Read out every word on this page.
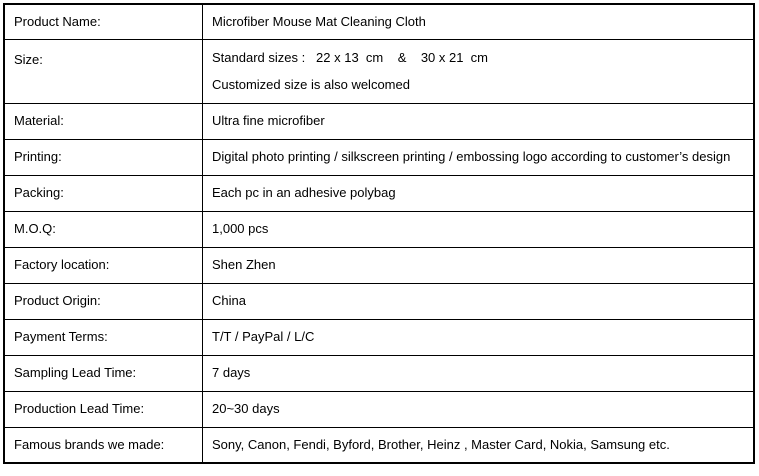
Product Name:	Microfiber Mouse Mat Cleaning Cloth
Size:	Standard sizes :   22 x 13  cm    &    30 x 21  cm
Customized size is also welcomed

Material:	Ultra fine microfiber
Printing:	Digital photo printing / silkscreen printing / embossing logo according to customer’s design
Packing:	Each pc in an adhesive polybag
M.O.Q:	1,000 pcs
Factory location:	Shen Zhen
Product Origin:	China
Payment Terms:	T/T / PayPal / L/C
Sampling Lead Time:	7 days
Production Lead Time:	20~30 days
Famous brands we made:	Sony, Canon, Fendi, Byford, Brother, Heinz , Master Card, Nokia, Samsung etc.
